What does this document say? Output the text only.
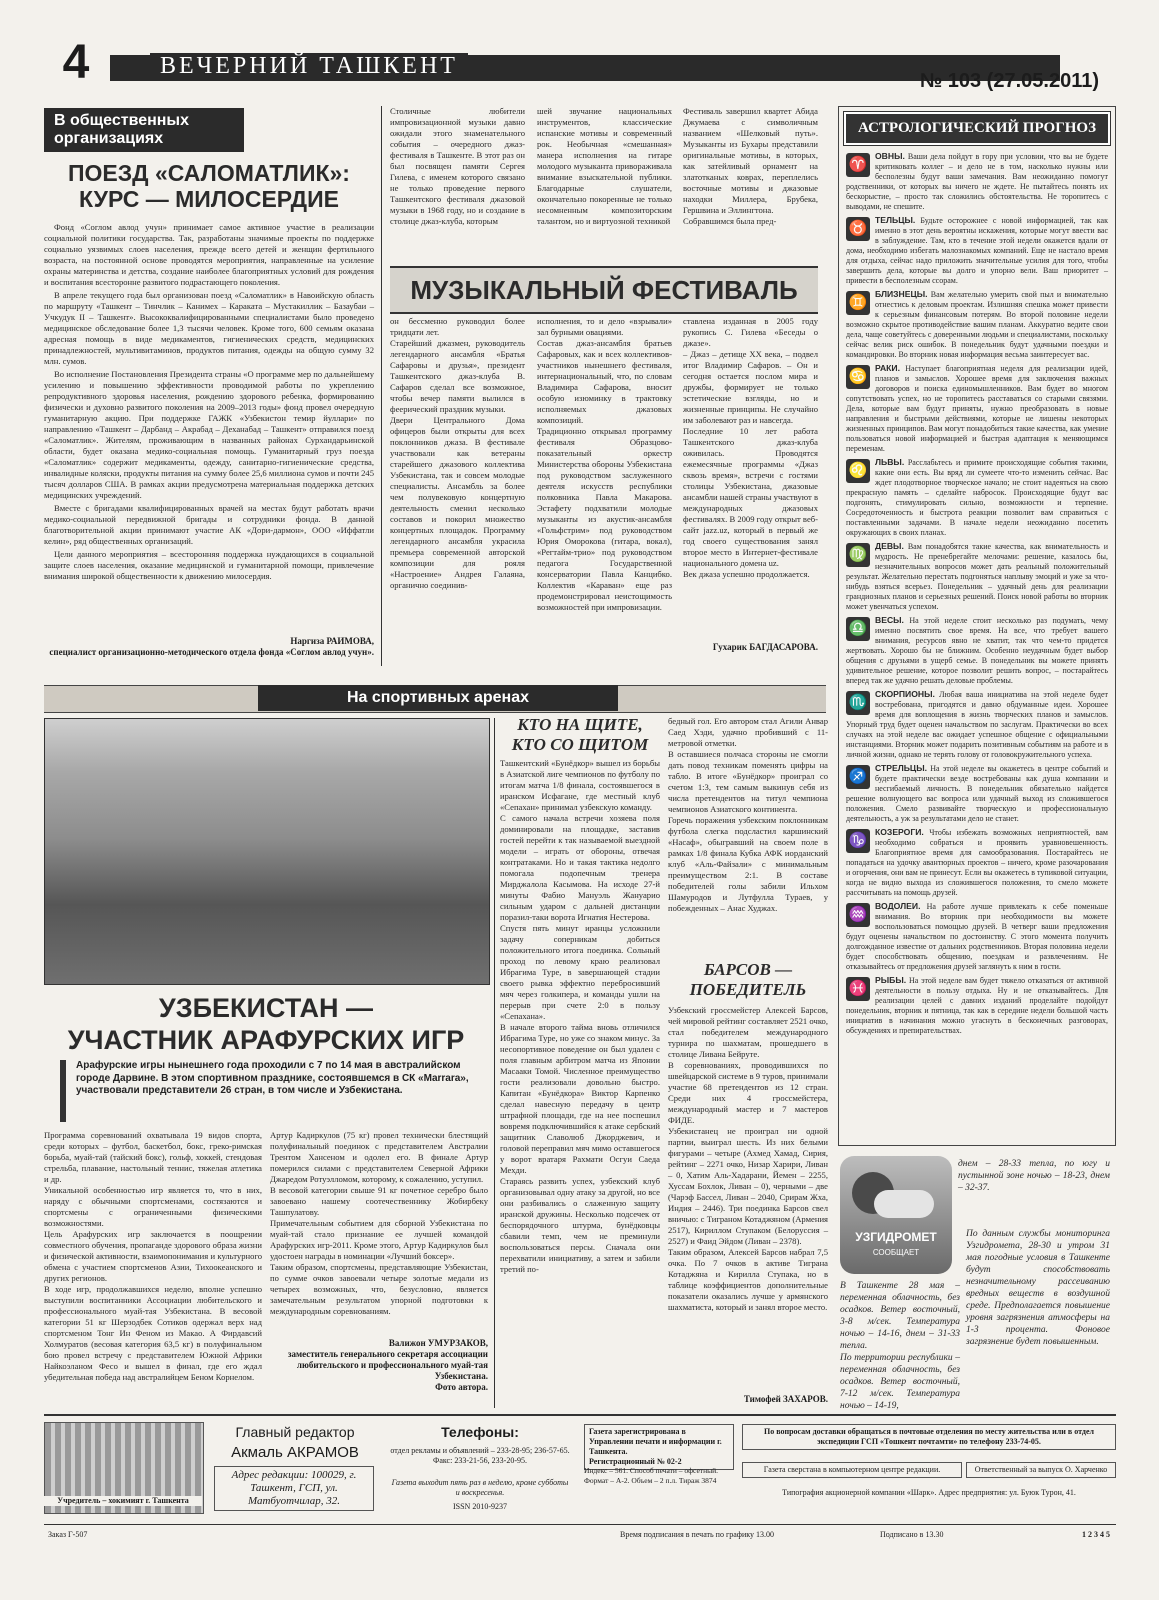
4	ВЕЧЕРНИЙ ТАШКЕНТ
№ 103 (27.05.2011)
В общественных организациях
ПОЕЗД «САЛОМАТЛИК»:
КУРС — МИЛОСЕРДИЕ

Фонд «Соглом авлод учун» принимает самое активное участие в реализации социальной политики государства. Так, разработаны значимые проекты по поддержке социально уязвимых слоев населения, прежде всего детей и женщин фертильного возраста, на постоянной основе проводятся мероприятия, направленные на усиление охраны материнства и детства, создание наиболее благоприятных условий для рождения и воспитания всесторонне развитого подрастающего поколения.

В апреле текущего года был организован поезд «Саломатлик» в Навоийскую область по маршруту «Ташкент – Тинчлик – Канимех – Караката – Мустакиллик – Базаубаи – Учкудук II – Ташкент». Высококвалифицированными специалистами было проведено медицинское обследование более 1,3 тысячи человек. Кроме того, 600 семьям оказана адресная помощь в виде медикаментов, гигиенических средств, медицинских принадлежностей, мультивитаминов, продуктов питания, одежды на общую сумму 32 млн. сумов.

Во исполнение Постановления Президента страны «О программе мер по дальнейшему усилению и повышению эффективности проводимой работы по укреплению репродуктивного здоровья населения, рождению здорового ребенка, формированию физически и духовно развитого поколения на 2009–2013 годы» фонд провел очередную гуманитарную акцию. При поддержке ГАЖК «Узбекистон темир йуллари» по направлению «Ташкент – Дарбанд – Акрабад – Деханабад – Ташкент» отправился поезд «Саломатлик». Жителям, проживающим в названных районах Сурхандарьинской области, будет оказана медико-социальная помощь. Гуманитарный груз поезда «Саломатлик» содержит медикаменты, одежду, санитарно-гигиенические средства, инвалидные коляски, продукты питания на сумму более 25,6 миллиона сумов и почти 245 тысяч долларов США. В рамках акции предусмотрена материальная поддержка детских медицинских учреждений.

Вместе с бригадами квалифицированных врачей на местах будут работать врачи медико-социальной передвижной бригады и сотрудники фонда. В данной благотворительной акции принимают участие АК «Дори-дармон», ООО «Иффатли келин», ряд общественных организаций.

Цели данного мероприятия – всесторонняя поддержка нуждающихся в социальной защите слоев населения, оказание медицинской и гуманитарной помощи, привлечение внимания широкой общественности к движению милосердия.

Наргиза РАИМОВА,
специалист организационно-методического отдела фонда «Соглом авлод учун».
Столичные любители импровизационной музыки давно ожидали этого знаменательного события – очередного джаз-фестиваля в Ташкенте. В этот раз он был посвящен памяти Сергея Гилева, с именем которого связано не только проведение первого Ташкентского фестиваля джазовой музыки в 1968 году, но и создание в столице джаз-клуба, которым
шей звучание национальных инструментов, классические испанские мотивы и современный рок. Необычная «смешанная» манера исполнения на гитаре молодого музыканта привораживала внимание взыскательной публики. Благодарные слушатели, окончательно покоренные не только несомненным композиторским талантом, но и виртуозной техникой
Фестиваль завершил квартет Абида Джумаева с символичным названием «Шелковый путь». Музыканты из Бухары представили оригинальные мотивы, в которых, как затейливый орнамент на златотканых коврах, переплелись восточные мотивы и джазовые находки Миллера, Брубека, Гершвина и Эллингтона.
Собравшимся была пред-
МУЗЫКАЛЬНЫЙ ФЕСТИВАЛЬ
он бессменно руководил более тридцати лет.
Старейший джазмен, руководитель легендарного ансамбля «Братья Сафаровы и друзья», президент Ташкентского джаз-клуба В. Сафаров сделал все возможное, чтобы вечер памяти вылился в феерический праздник музыки.
Двери Центрального Дома офицеров были открыты для всех поклонников джаза. В фестивале участвовали как ветераны старейшего джазового коллектива Узбекистана, так и совсем молодые специалисты. Ансамбль за более чем полувековую концертную деятельность сменил несколько составов и покорил множество концертных площадок. Программу легендарного ансамбля украсила премьера современной авторской композиции для рояля «Настроение» Андрея Галаяна, органично соединив-
исполнения, то и дело «взрывали» зал бурными овациями.
Состав джаз-ансамбля братьев Сафаровых, как и всех коллективов-участников нынешнего фестиваля, интернациональный, что, по словам Владимира Сафарова, вносит особую изюминку в трактовку исполняемых джазовых композиций.
Традиционно открывал программу фестиваля Образцово-показательный оркестр Министерства обороны Узбекистана под руководством заслуженного деятеля искусств республики полковника Павла Макарова. Эстафету подхватили молодые музыканты из акустик-ансамбля «Гольфстрим» под руководством Юрия Оморокова (гитара, вокал), «Регтайм-трио» под руководством педагога Государственной консерватории Павла Канцибко. Коллектив «Караван» еще раз продемонстрировал неистощимость возможностей при импровизации.
ставлена изданная в 2005 году рукопись С. Гилева «Беседы о джазе».
– Джаз – детище XX века, – подвел итог Владимир Сафаров. – Он и сегодня остается послом мира и дружбы, формирует не только эстетические взгляды, но и жизненные принципы. Не случайно им заболевают раз и навсегда.
Последние 10 лет работа Ташкентского джаз-клуба оживилась. Проводятся ежемесячные программы «Джаз сквозь время», встречи с гостями столицы Узбекистана, джазовые ансамбли нашей страны участвуют в международных джазовых фестивалях. В 2009 году открыт веб-сайт jazz.uz, который в первый же год своего существования занял второе место в Интернет-фестивале национального домена uz.
Век джаза успешно продолжается.
Гухарик БАГДАСАРОВА.
На спортивных аренах
УЗБЕКИСТАН —
УЧАСТНИК АРАФУРСКИХ ИГР
Арафурские игры нынешнего года проходили с 7 по 14 мая в австралийском городе Дарвине. В этом спортивном празднике, состоявшемся в СК «Marrara», участвовали представители 26 стран, в том числе и Узбекистана.
Программа соревнований охватывала 19 видов спорта, среди которых – футбол, баскетбол, бокс, греко-римская борьба, муай-тай (тайский бокс), гольф, хоккей, стендовая стрельба, плавание, настольный теннис, тяжелая атлетика и др.
Уникальной особенностью игр является то, что в них, наряду с обычными спортсменами, состязаются и спортсмены с ограниченными физическими возможностями.
Цель Арафурских игр заключается в поощрении совместного обучения, пропаганде здорового образа жизни и физической активности, взаимопонимания и культурного обмена с участием спортсменов Азии, Тихоокеанского и других регионов.
В ходе игр, продолжавшихся неделю, вполне успешно выступили воспитанники Ассоциации любительского и профессионального муай-тая Узбекистана. В весовой категории 51 кг Шерзодбек Сотиков одержал верх над спортсменом Тонг Ин Феном из Макао. А Фирдавсий Холмуратов (весовая категория 63,5 кг) в полуфинальном бою провел встречу с представителем Южной Африки Найкоэланом Фесо и вышел в финал, где его ждал убедительная победа над австралийцем Беном Корнелом.
Артур Кадиркулов (75 кг) провел технически блестящий полуфинальный поединок с представителем Австралии Трентом Хансеном и одолел его. В финале Артур померился силами с представителем Северной Африки Джаредом Ротуэлломом, которому, к сожалению, уступил.
В весовой категории свыше 91 кг почетное серебро было завоевано нашему соотечественнику Жобирбеку Ташпулатову.
Примечательным событием для сборной Узбекистана по муай-тай стало признание ее лучшей командой Арафурских игр-2011. Кроме этого, Артур Кадиркулов был удостоен награды в номинации «Лучший боксер».
Таким образом, спортсмены, представляющие Узбекистан, по сумме очков завоевали четыре золотые медали из четырех возможных, что, безусловно, является замечательным результатом упорной подготовки к международным соревнованиям.
Валижон УМУРЗАКОВ,
заместитель генерального секретаря ассоциации любительского и профессионального муай-тая Узбекистана.
Фото автора.
КТО НА ЩИТЕ,
КТО СО ЩИТОМ
Ташкентский «Бунёдкор» вышел из борьбы в Азиатской лиге чемпионов по футболу по итогам матча 1/8 финала, состоявшегося в иранском Исфагане, где местный клуб «Сепахан» принимал узбекскую команду.
С самого начала встречи хозяева поля доминировали на площадке, заставив гостей перейти к так называемой выездной модели – играть от обороны, отвечая контратаками. Но и такая тактика недолго помогала подопечным тренера Мирджалола Касымова. На исходе 27-й минуты Фабио Мануэль Жануарио сильным ударом с дальней дистанции поразил-таки ворота Игнатия Нестерова.
Спустя пять минут иранцы усложнили задачу соперникам добиться положительного итога поединка. Сольный проход по левому краю реализовал Ибрагима Туре, в завершающей стадии своего рывка эффектно перебросивший мяч через голкипера, и команды ушли на перерыв при счете 2:0 в пользу «Сепахана».
В начале второго тайма вновь отличился Ибрагима Туре, но уже со знаком минус. За несопортивное поведение он был удален с поля главным арбитром матча из Японии Масааки Томой. Численное преимущество гости реализовали довольно быстро. Капитан «Бунёдкора» Виктор Карпенко сделал навесную передачу в центр штрафной площади, где на нее поспешил вовремя подключившийся к атаке сербский защитник Славолюб Джорджевич, и головой переправил мяч мимо оставшегося у ворот вратаря Рахмати Осгуи Саеда Мехди.
Стараясь развить успех, узбекский клуб организовывал одну атаку за другой, но все они разбивались о слаженную защиту иранской дружины. Несколько подсечек от беспорядочного штурма, бунёдковцы сбавили темп, чем не преминули воспользоваться персы. Сначала они перехватили инициативу, а затем и забили третий по-
бедный гол. Его автором стал Агили Анвар Саед Хэди, удачно пробивший с 11-метровой отметки.
В оставшиеся полчаса стороны не смогли дать повод техникам поменять цифры на табло. В итоге «Бунёдкор» проиграл со счетом 1:3, тем самым выкинув себя из числа претендентов на титул чемпиона чемпионов Азиатского континента.
Горечь поражения узбекским поклонникам футбола слегка подсластил каршинский «Насаф», обыгравший на своем поле в рамках 1/8 финала Кубка АФК иорданский клуб «Аль-Файзали» с минимальным преимуществом 2:1. В составе победителей голы забили Ильхом Шамуродов и Лутфулла Тураев, у побежденных – Анас Худжах.
БАРСОВ —
ПОБЕДИТЕЛЬ
Узбекский гроссмейстер Алексей Барсов, чей мировой рейтинг составляет 2521 очко, стал победителем международного турнира по шахматам, прошедшего в столице Ливана Бейруте.
В соревнованиях, проводившихся по швейцарской системе в 9 туров, принимали участие 68 претендентов из 12 стран. Среди них 4 гроссмейстера, международный мастер и 7 мастеров ФИДЕ.
Узбекистанец не проиграл ни одной партии, выиграл шесть. Из них белыми фигурами – четыре (Ахмед Хамад, Сирия, рейтинг – 2271 очко, Низар Харири, Ливан – 0, Хатим Аль-Хадарани, Йемен – 2255, Хуссам Бохлок, Ливан – 0), черными – две (Чарэф Бассел, Ливан – 2040, Срирам Жха, Индия – 2446). Три поединка Барсов свел вничью: с Тиграном Котаджяном (Армения 2517), Кириллом Ступаком (Белоруссия – 2527) и Фаид Эйдом (Ливан – 2378).
Таким образом, Алексей Барсов набрал 7,5 очка. По 7 очков в активе Тиграна Котаджяна и Кирилла Ступака, но в таблице коэффициентов дополнительные показатели оказались лучше у армянского шахматиста, который и занял второе место.
Тимофей ЗАХАРОВ.
АСТРОЛОГИЧЕСКИЙ ПРОГНОЗ
♈
ОВНЫ. Ваши дела пойдут в гору при условии, что вы не будете критиковать коллег – и дело не в том, насколько нужны или бесполезны будут ваши замечания. Вам неожиданно помогут родственники, от которых вы ничего не ждете. Не пытайтесь понять их бескорыстие, – просто так сложились обстоятельства. Не торопитесь с выводами, не спешите.
♉
ТЕЛЬЦЫ. Будьте осторожнее с новой информацией, так как именно в этот день вероятны искажения, которые могут ввести вас в заблуждение. Там, кто в течение этой недели окажется вдали от дома, необходимо избегать малознакомых компаний. Еще не настало время для отдыха, сейчас надо приложить значительные усилия для того, чтобы завершить дела, которые вы долго и упорно вели. Ваш приоритет – привести в бесполезным ссорам.
♊
БЛИЗНЕЦЫ. Вам желательно умерить свой пыл и внимательно отнестись к деловым проектам. Излишняя спешка может привести к серьезным финансовым потерям. Во второй половине недели возможно скрытое противодействие вашим планам. Аккуратно ведите свои дела, чаще советуйтесь с доверенными людьми и специалистами, поскольку сейчас велик риск ошибок. В понедельник будут удачными поездки и командировки. Во вторник новая информация весьма заинтересует вас.
♋
РАКИ. Наступает благоприятная неделя для реализации идей, планов и замыслов. Хорошее время для заключения важных договоров и поиска единомышленников. Вам будет во многом сопутствовать успех, но не торопитесь расставаться со старыми связями. Дела, которые вам будут приняты, нужно преобразовать в новые направления и быстрыми действиями, которые не лишены некоторых жизненных принципов. Вам могут понадобиться такие качества, как умение пользоваться новой информацией и быстрая адаптация к меняющимся переменам.
♌
ЛЬВЫ. Расслабьтесь и примите происходящие события такими, какие они есть. Вы вряд ли сумеете что-то изменить сейчас. Вас ждет плодотворное творческое начало; не стоит надеяться на свою прекрасную память – сделайте набросок. Происходящие будут вас подгонять, стимулировать сильно, возможности и терпение. Сосредоточенность и быстрота реакции позволит вам справиться с поставленными задачами. В начале недели неожиданно посетить окружающих в своих планах.
♍
ДЕВЫ. Вам понадобятся такие качества, как внимательность и мудрость. Не пренебрегайте мелочами: решение, казалось бы, незначительных вопросов может дать реальный положительный результат. Желательно перестать подгоняться наплыву эмоций и уже за что-нибудь взяться всерьез. Понедельник – удачный день для реализации грандиозных планов и серьезных решений. Поиск новой работы во вторник может увенчаться успехом.
♎
ВЕСЫ. На этой неделе стоит несколько раз подумать, чему именно посвятить свое время. На все, что требует вашего внимания, ресурсов явно не хватит, так что чем-то придется жертвовать. Хорошо бы не ближним. Особенно неудачным будет выбор общения с друзьями в ущерб семье. В понедельник вы можете принять удивительное решение, которое позволит решить вопрос, – постарайтесь вперед так же удачно решать деловые проблемы.
♏
СКОРПИОНЫ. Любая ваша инициатива на этой неделе будет востребована, пригодятся и давно обдуманные идеи. Хорошее время для воплощения в жизнь творческих планов и замыслов. Упорный труд будет оценен начальством по заслугам. Практически во всех случаях на этой неделе вас ожидает успешное общение с официальными инстанциями. Вторник может подарить позитивным событиям на работе и в личной жизни, однако не терять голову от головокружительного успеха.
♐
СТРЕЛЬЦЫ. На этой неделе вы окажетесь в центре событий и будете практически везде востребованы как душа компании и несгибаемый личность. В понедельник обязательно найдется решение волнующего вас вопроса или удачный выход из сложившегося положения. Смело развивайте творческую и профессиональную деятельность, а уж за результатами дело не станет.
♑
КОЗЕРОГИ. Чтобы избежать возможных неприятностей, вам необходимо собраться и проявить уравновешенность. Благоприятное время для самообразования. Постарайтесь не попадаться на удочку авантюрных проектов – ничего, кроме разочарования и огорчения, они вам не принесут. Если вы окажетесь в тупиковой ситуации, когда не видно выхода из сложившегося положения, то смело можете рассчитывать на помощь друзей.
♒
ВОДОЛЕИ. На работе лучше привлекать к себе поменьше внимания. Во вторник при необходимости вы можете воспользоваться помощью друзей. В четверг ваши предложения будут оценены начальством по достоинству. С этого момента получить долгожданное известие от дальних родственников. Вторая половина недели будет способствовать общению, поездкам и развлечениям. Не отказывайтесь от предложения друзей заглянуть к ним в гости.
♓
РЫБЫ. На этой неделе вам будет тяжело отказаться от активной деятельности в пользу отдыха. Ну и не отказывайтесь. Для реализации целей с давних изданий проделайте подойдут понедельник, вторник и пятница, так как в середине недели большой часть инициатив в начинания можно угаснуть в бесконечных разговорах, обсуждениях и препирательствах.
УЗГИДРОМЕТ
СООБЩАЕТ
днем – 28-33 тепла, по югу и пустынной зоне ночью – 18-23, днем – 32-37.
В Ташкенте 28 мая – переменная облачность, без осадков. Ветер восточный, 3-8 м/сек. Температура ночью – 14-16, днем – 31-33 тепла.
По территории республики – переменная облачность, без осадков. Ветер восточный, 7-12 м/сек. Температура ночью – 14-19,
По данным службы мониторинга Узгидромета, 28-30 и утром 31 мая погодные условия в Ташкенте будут способствовать незначительному рассеиванию вредных веществ в воздушной среде. Предполагается повышение уровня загрязнения атмосферы на 1-3 процента. Фоновое загрязнение будет повышенным.
Учредитель – хокимият г. Ташкента
Главный редактор
Акмаль АКРАМОВ
Адрес редакции: 100029, г. Ташкент, ГСП, ул. Матбуотчилар, 32.
Телефоны:
отдел рекламы и объявлений – 233-28-95; 236-57-65. Факс: 233-21-56, 233-20-95.
Газета выходит пять раз в неделю, кроме субботы и воскресенья.
ISSN 2010-9237
Газета зарегистрирована в Управлении печати и информации г. Ташкента.
Регистрационный № 02-2
Индекс – 561. Способ печати – офсетный. Формат – А-2. Объем – 2 п.л. Тираж 3874
По вопросам доставки обращаться в почтовые отделения по месту жительства или в отдел экспедиции ГСП «Тошкент почтамти» по телефону 233-74-05.
Газета сверстана в компьютерном центре редакции.	Ответственный за выпуск О. Харченко
Типография акционерной компании «Шарк». Адрес предприятия: ул. Буюк Турон, 41.
Заказ Г-507	Время подписания в печать по графику 13.00	Подписано в 13.30	1 2 3 4 5
